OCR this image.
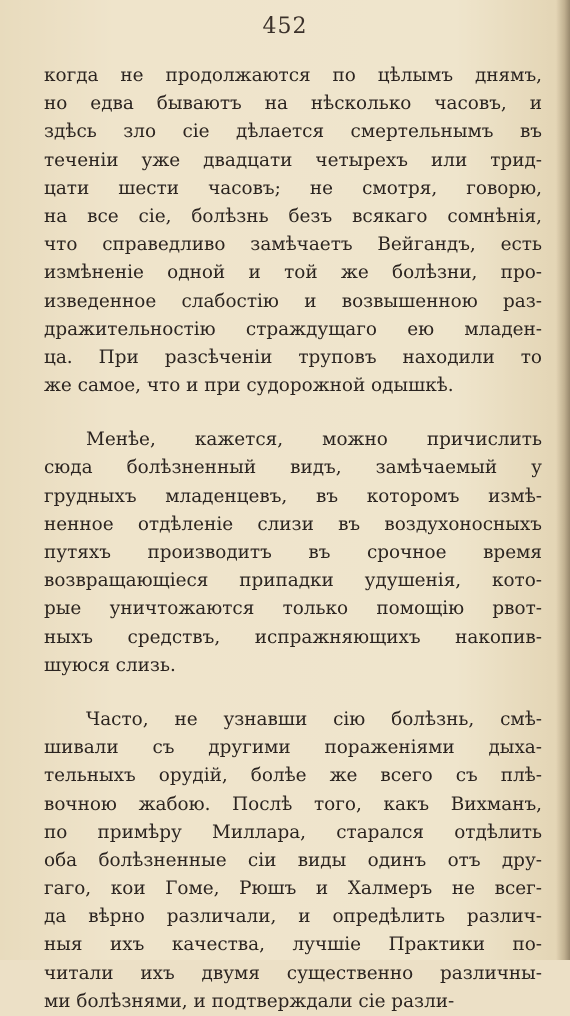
452
когда не продолжаются по цѣлымъ днямъ,
но едва бываютъ на нѣсколько часовъ, и
здѣсь зло сіе дѣлается смертельнымъ въ
теченіи уже двадцати четырехъ или трид-
цати шести часовъ; не смотря, говорю,
на все сіе, болѣзнь безъ всякаго сомнѣнія,
что справедливо замѣчаетъ Вейгандъ, есть
измѣненіе одной и той же болѣзни, про-
изведенное слабостію и возвышенною раз-
дражительностію страждущаго ею младен-
ца. При разсѣченіи труповъ находили то
же самое, что и при судорожной одышкѣ.
Менѣе, кажется, можно причислить
сюда болѣзненный видъ, замѣчаемый у
грудныхъ младенцевъ, въ которомъ измѣ-
ненное отдѣленіе слизи въ воздухоносныхъ
путяхъ производитъ въ срочное время
возвращающіеся припадки удушенія, кото-
рые уничтожаются только помощію рвот-
ныхъ средствъ, испражняющихъ накопив-
шуюся слизь.
Часто, не узнавши сію болѣзнь, смѣ-
шивали съ другими пораженіями дыха-
тельныхъ орудій, болѣе же всего съ плѣ-
вочною жабою. Послѣ того, какъ Вихманъ,
по примѣру Миллара, старался отдѣлить
оба болѣзненные сіи виды одинъ отъ дру-
гаго, кои Гоме, Рюшъ и Халмеръ не всег-
да вѣрно различали, и опредѣлить различ-
ныя ихъ качества, лучшіе Практики по-
читали ихъ двумя существенно различны-
ми болѣзнями, и подтверждали сіе разли-
